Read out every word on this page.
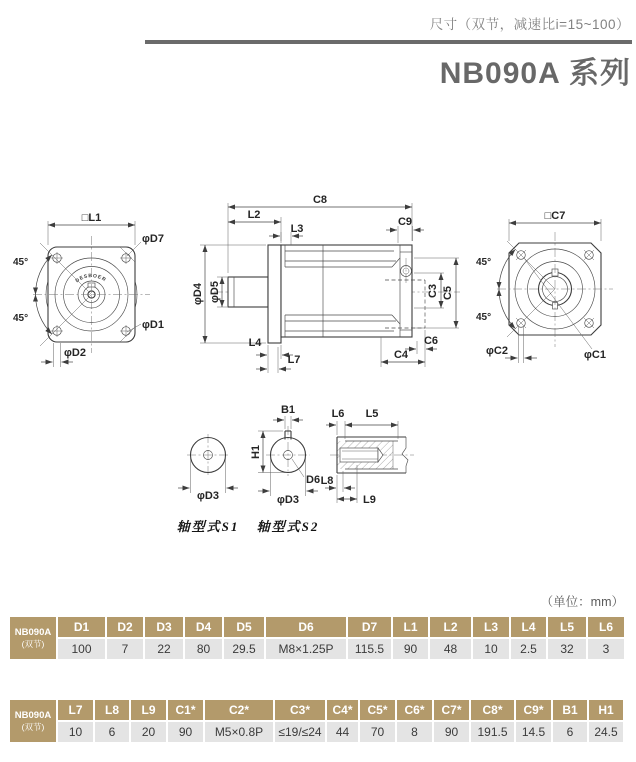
尺寸（双节，减速比i=15~100）
NB090A 系列
DESBOER
□L1
φD7
45°
45°
φD1
φD2
C8
L2
L3
C9
φD4 φD5	C3 C5
L4
L7	C4
C6
45°
45°
□C7
φC1
φC2
φD3
轴型式S1
B1
H1
D6
φD3
轴型式S2
L6 L5
L8
L9
（单位：mm）
NB090A
(双节)	D1	D2	D3	D4	D5	D6	D7	L1	L2	L3	L4	L5	L6
	100	7	22	80	29.5	M8×1.25P	115.5	90	48	10	2.5	32	3
NB090A
(双节)	L7	L8	L9	C1*	C2*	C3*	C4*	C5*	C6*	C7*	C8*	C9*	B1	H1
	10	6	20	90	M5×0.8P	≤19/≤24	44	70	8	90	191.5	14.5	6	24.5
